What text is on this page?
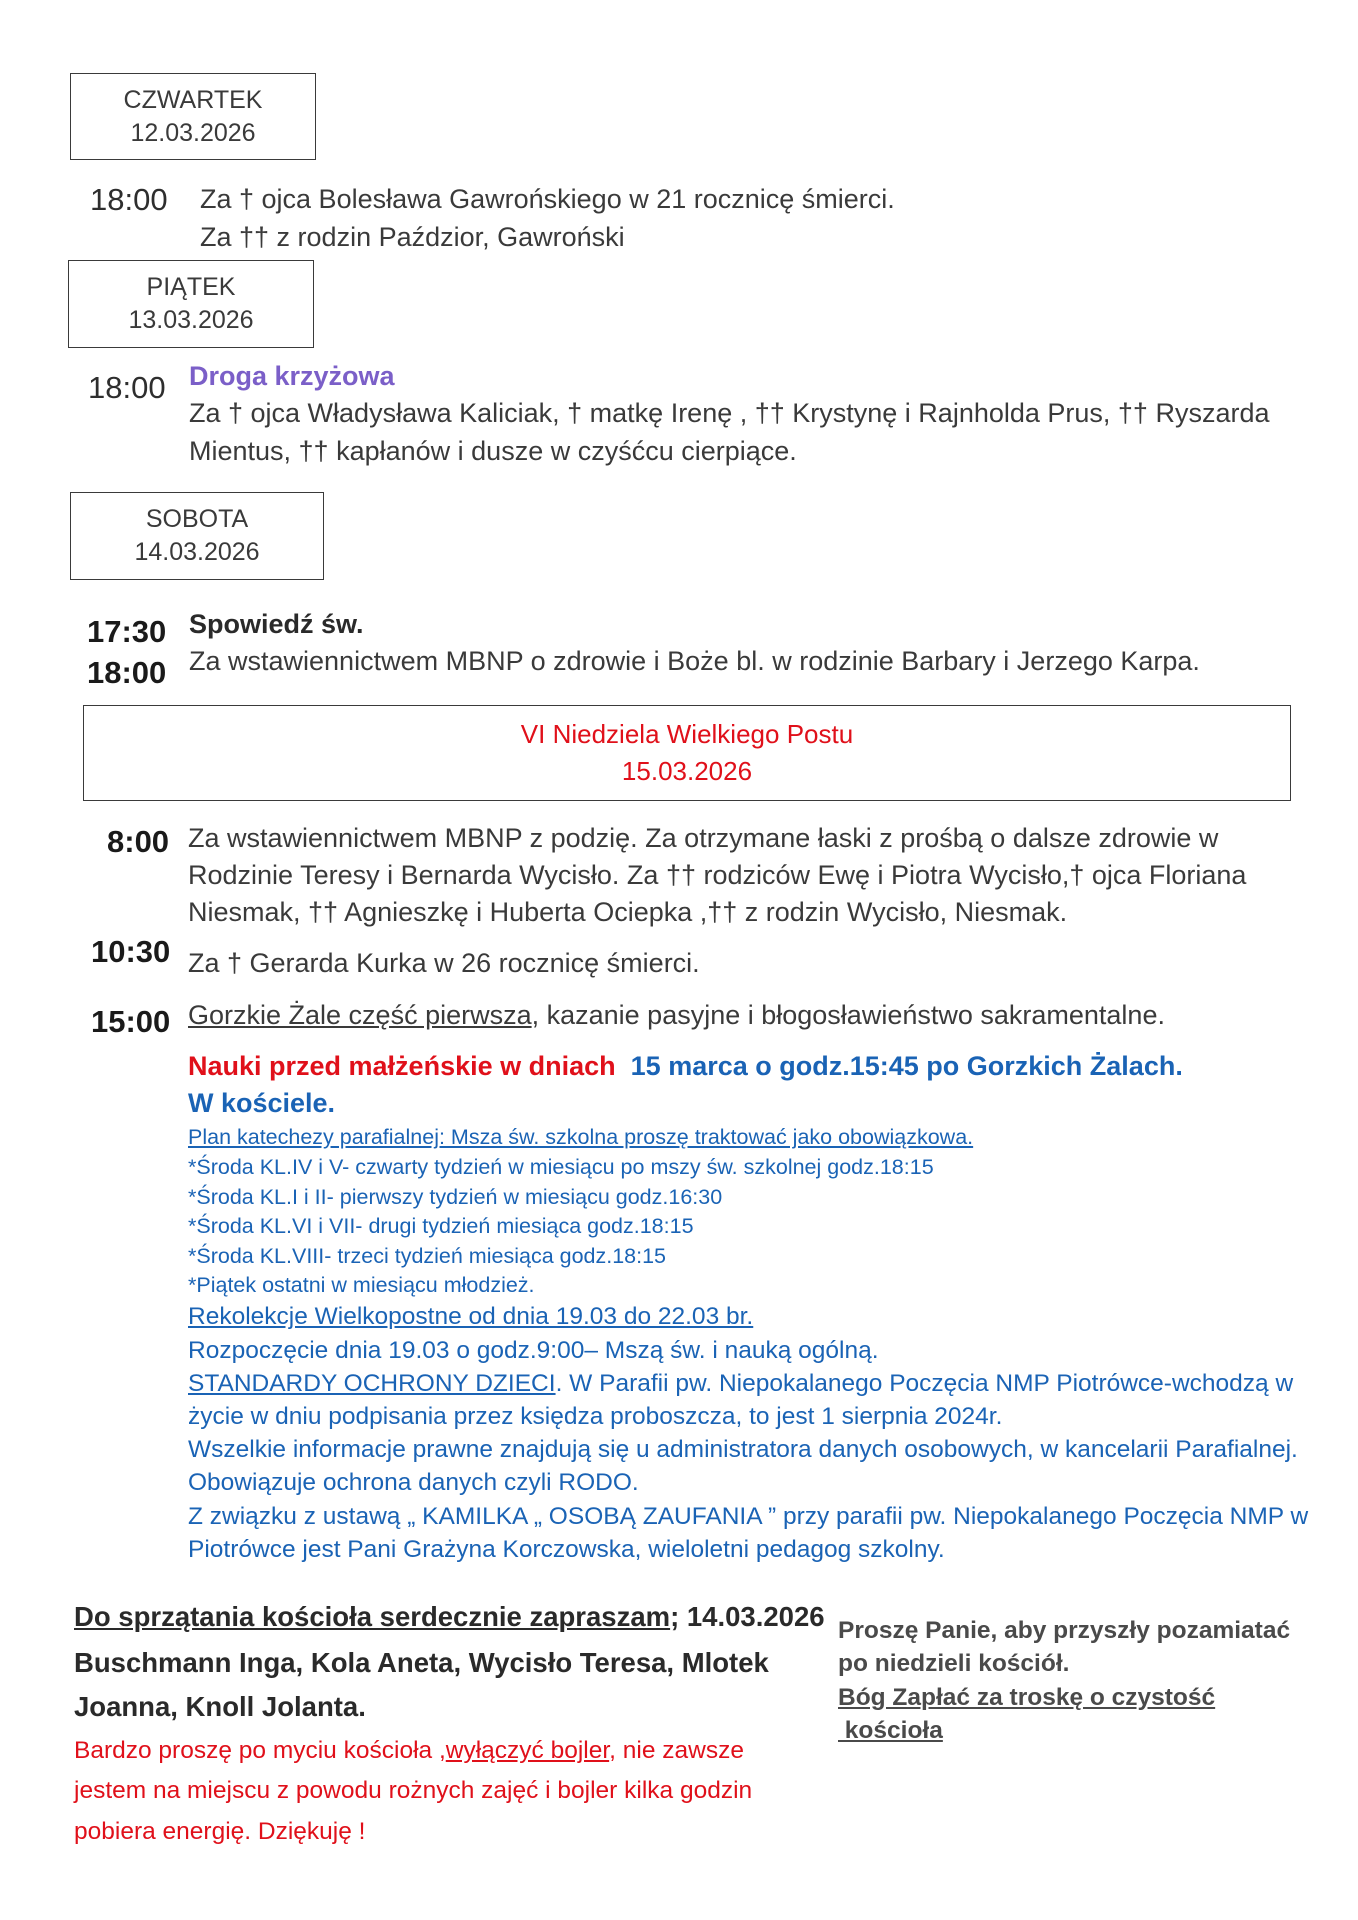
CZWARTEK
12.03.2026
18:00 Za † ojca Bolesława Gawrońskiego w 21 rocznicę śmierci.
Za †† z rodzin Paździor, Gawroński
PIĄTEK
13.03.2026
18:00 Droga krzyżowa
Za † ojca Władysława Kaliciak, † matkę Irenę , †† Krystynę i Rajnholda Prus, †† Ryszarda
Mientus, †† kapłanów i dusze w czyśćcu cierpiące.
SOBOTA
14.03.2026
17:30 Spowiedź św.
18:00 Za wstawiennictwem MBNP o zdrowie i Boże bl. w rodzinie Barbary i Jerzego Karpa.
VI Niedziela Wielkiego Postu
15.03.2026
8:00 Za wstawiennictwem MBNP z podzię. Za otrzymane łaski z prośbą o dalsze zdrowie w
Rodzinie Teresy i Bernarda Wycisło. Za †† rodziców Ewę i Piotra Wycisło,† ojca Floriana
Niesmak, †† Agnieszkę i Huberta Ociepka ,†† z rodzin Wycisło, Niesmak.
10:30 Za † Gerarda Kurka w 26 rocznicę śmierci.
15:00 Gorzkie Żale część pierwsza, kazanie pasyjne i błogosławieństwo sakramentalne.
Nauki przed małżeńskie w dniach 15 marca o godz.15:45 po Gorzkich Żalach.
W kościele.
Plan katechezy parafialnej: Msza św. szkolna proszę traktować jako obowiązkowa.
*Środa KL.IV i V- czwarty tydzień w miesiącu po mszy św. szkolnej godz.18:15
*Środa KL.I i II- pierwszy tydzień w miesiącu godz.16:30
*Środa KL.VI i VII- drugi tydzień miesiąca godz.18:15
*Środa KL.VIII- trzeci tydzień miesiąca godz.18:15
*Piątek ostatni w miesiącu młodzież.
Rekolekcje Wielkopostne od dnia 19.03 do 22.03 br.
Rozpoczęcie dnia 19.03 o godz.9:00– Mszą św. i nauką ogólną.
STANDARDY OCHRONY DZIECI. W Parafii pw. Niepokalanego Poczęcia NMP Piotrówce-wchodzą w
życie w dniu podpisania przez księdza proboszcza, to jest 1 sierpnia 2024r.
Wszelkie informacje prawne znajdują się u administratora danych osobowych, w kancelarii Parafialnej.
Obowiązuje ochrona danych czyli RODO.
Z związku z ustawą „ KAMILKA „ OSOBĄ ZAUFANIA ” przy parafii pw. Niepokalanego Poczęcia NMP w
Piotrówce jest Pani Grażyna Korczowska, wieloletni pedagog szkolny.
Do sprzątania kościoła serdecznie zapraszam; 14.03.2026
Buschmann Inga, Kola Aneta, Wycisło Teresa, Mlotek
Joanna, Knoll Jolanta.
Bardzo proszę po myciu kościoła ,wyłączyć bojler, nie zawsze
jestem na miejscu z powodu rożnych zajęć i bojler kilka godzin
pobiera energię. Dziękuję !
Proszę Panie, aby przyszły pozamiatać
po niedzieli kościół.
Bóg Zapłać za troskę o czystość
kościoła
